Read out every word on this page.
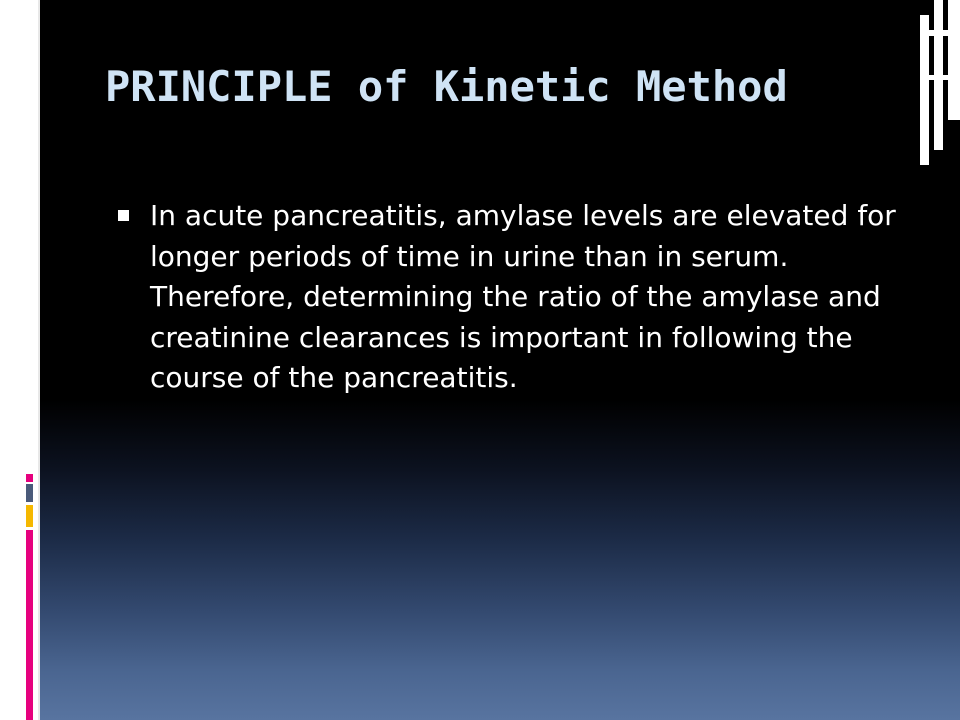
PRINCIPLE of Kinetic Method
In acute pancreatitis, amylase levels are elevated for longer periods of time in urine than in serum. Therefore, determining the ratio of the amylase and creatinine clearances is important in following the course of the pancreatitis.
